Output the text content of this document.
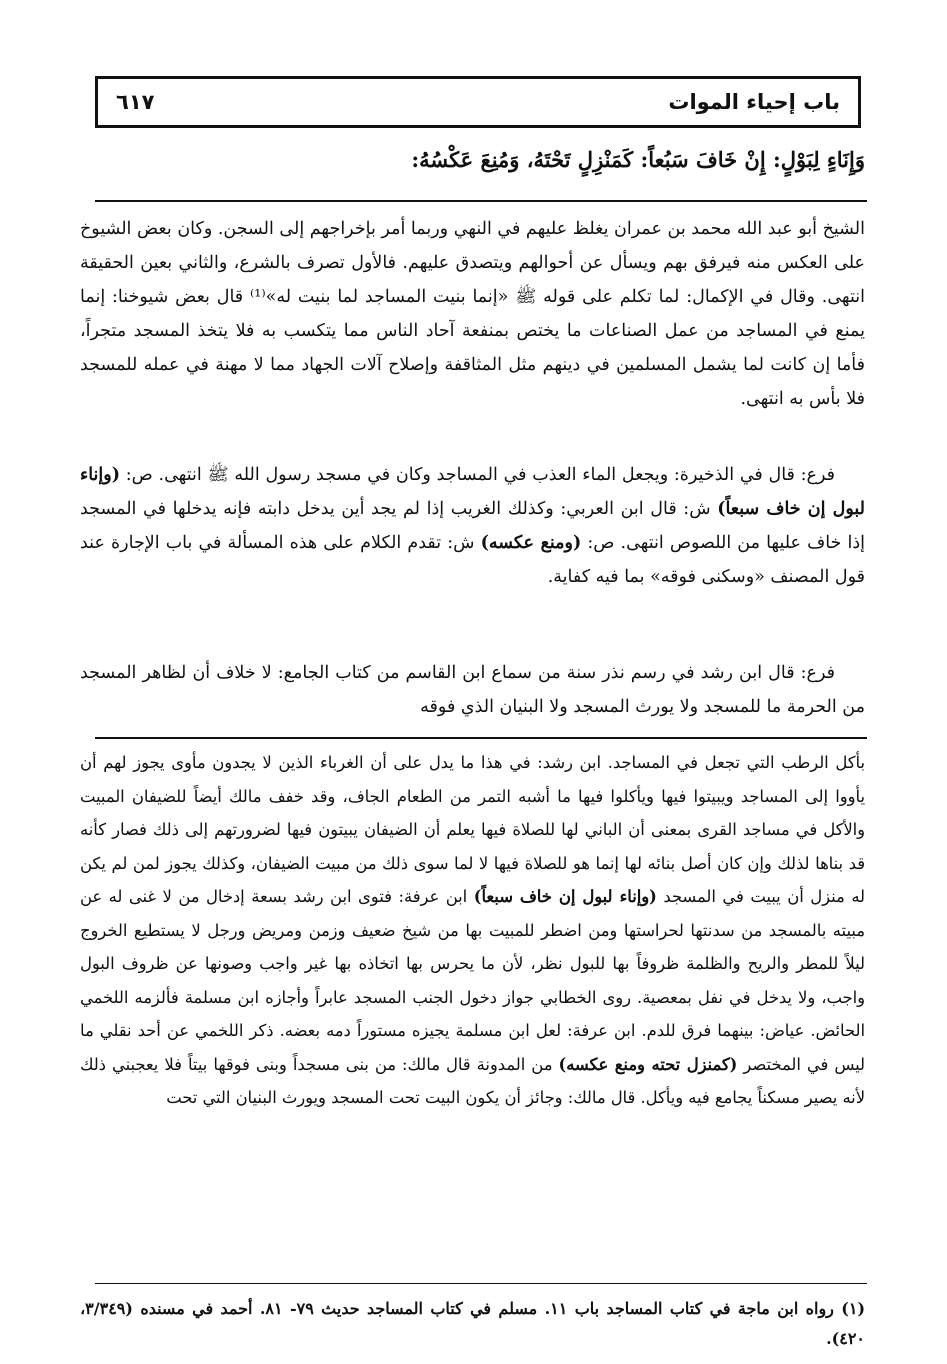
باب إحياء الموات
٦١٧
وَإِنَاءٍ لِبَوْلٍ: إِنْ خَافَ سَبُعاً: كَمَنْزِلٍ تَحْتَهُ، وَمُنِعَ عَكْسُهُ:

الشيخ أبو عبد الله محمد بن عمران يغلظ عليهم في النهي وربما أمر بإخراجهم إلى السجن. وكان بعض الشيوخ على العكس منه فيرفق بهم ويسأل عن أحوالهم ويتصدق عليهم. فالأول تصرف بالشرع، والثاني بعين الحقيقة انتهى. وقال في الإكمال: لما تكلم على قوله ﷺ «إنما بنيت المساجد لما بنيت له»⁽¹⁾ قال بعض شيوخنا: إنما يمنع في المساجد من عمل الصناعات ما يختص بمنفعة آحاد الناس مما يتكسب به فلا يتخذ المسجد متجراً، فأما إن كانت لما يشمل المسلمين في دينهم مثل المثاقفة وإصلاح آلات الجهاد مما لا مهنة في عمله للمسجد فلا بأس به انتهى.

فرع: قال في الذخيرة: ويجعل الماء العذب في المساجد وكان في مسجد رسول الله ﷺ انتهى. ص: (وإناء لبول إن خاف سبعاً) ش: قال ابن العربي: وكذلك الغريب إذا لم يجد أين يدخل دابته فإنه يدخلها في المسجد إذا خاف عليها من اللصوص انتهى. ص: (ومنع عكسه) ش: تقدم الكلام على هذه المسألة في باب الإجارة عند قول المصنف «وسكنى فوقه» بما فيه كفاية.

فرع: قال ابن رشد في رسم نذر سنة من سماع ابن القاسم من كتاب الجامع: لا خلاف أن لظاهر المسجد من الحرمة ما للمسجد ولا يورث المسجد ولا البنيان الذي فوقه

بأكل الرطب التي تجعل في المساجد. ابن رشد: في هذا ما يدل على أن الغرباء الذين لا يجدون مأوى يجوز لهم أن يأووا إلى المساجد ويبيتوا فيها ويأكلوا فيها ما أشبه التمر من الطعام الجاف، وقد خفف مالك أيضاً للضيفان المبيت والأكل في مساجد القرى بمعنى أن الباني لها للصلاة فيها يعلم أن الضيفان يبيتون فيها لضرورتهم إلى ذلك فصار كأنه قد بناها لذلك وإن كان أصل بنائه لها إنما هو للصلاة فيها لا لما سوى ذلك من مبيت الضيفان، وكذلك يجوز لمن لم يكن له منزل أن يبيت في المسجد (وإناء لبول إن خاف سبعاً) ابن عرفة: فتوى ابن رشد بسعة إدخال من لا غنى له عن مبيته بالمسجد من سدنتها لحراستها ومن اضطر للمبيت بها من شيخ ضعيف وزمن ومريض ورجل لا يستطيع الخروج ليلاً للمطر والريح والظلمة ظروفاً بها للبول نظر، لأن ما يحرس بها اتخاذه بها غير واجب وصونها عن ظروف البول واجب، ولا يدخل في نفل بمعصية. روى الخطابي جواز دخول الجنب المسجد عابراً وأجازه ابن مسلمة فألزمه اللخمي الحائض. عياض: بينهما فرق للدم. ابن عرفة: لعل ابن مسلمة يجيزه مستوراً دمه بعضه. ذكر اللخمي عن أحد نقلي ما ليس في المختصر (كمنزل تحته ومنع عكسه) من المدونة قال مالك: من بنى مسجداً وبنى فوقها بيتاً فلا يعجبني ذلك لأنه يصير مسكناً يجامع فيه ويأكل. قال مالك: وجائز أن يكون البيت تحت المسجد ويورث البنيان التي تحت

(١) رواه ابن ماجة في كتاب المساجد باب ١١. مسلم في كتاب المساجد حديث ٧٩- ٨١. أحمد في مسنده (٣/٣٤٩، ٤٢٠).
